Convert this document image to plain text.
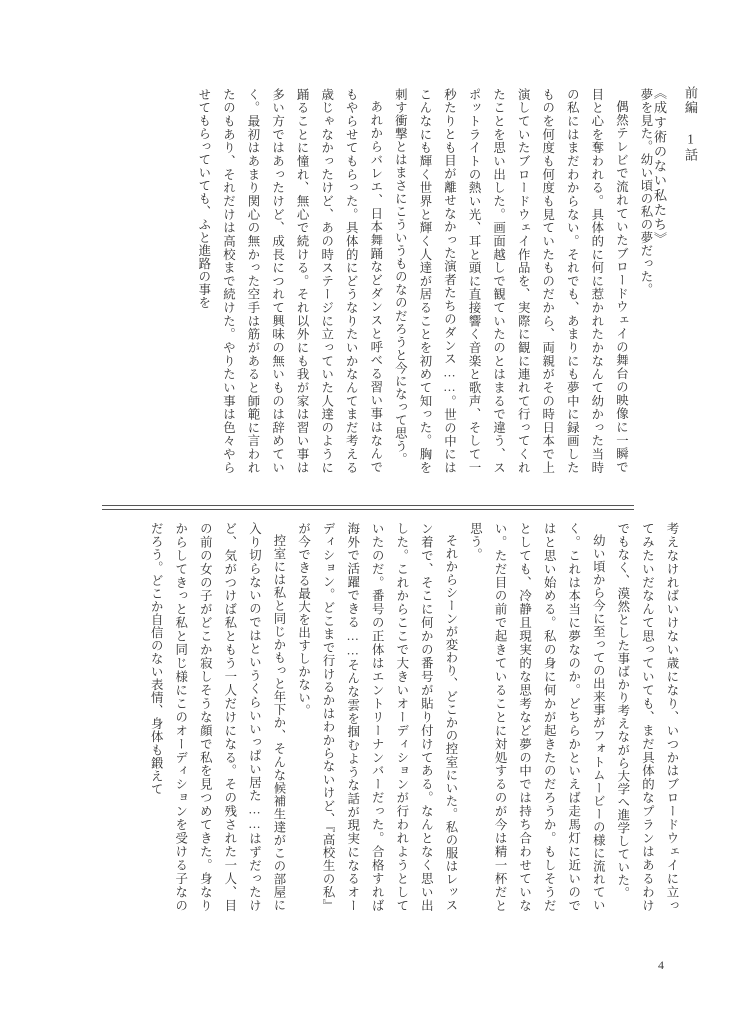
前編 1話

《成す術のない私たち》

夢を見た。幼い頃の私の夢だった。

偶然テレビで流れていたブロードウェイの舞台の映像に一瞬で目と心を奪われる。具体的に何に惹かれたかなんて幼かった当時の私にはまだわからない。それでも、あまりにも夢中に録画したものを何度も何度も見ていたものだから、両親がその時日本で上演していたブロードウェイ作品を、実際に観に連れて行ってくれたことを思い出した。画面越しで観ていたのとはまるで違う、スポットライトの熱い光、耳と頭に直接響く音楽と歌声、そして一秒たりとも目が離せなかった演者たちのダンス……。世の中にはこんなにも輝く世界と輝く人達が居ることを初めて知った。胸を刺す衝撃とはまさにこういうものなのだろうと今になって思う。

あれからバレエ、日本舞踊などダンスと呼べる習い事はなんでもやらせてもらった。具体的にどうなりたいかなんてまだ考える歳じゃなかったけど、あの時ステージに立っていた人達のように踊ることに憧れ、無心で続ける。それ以外にも我が家は習い事は多い方ではあったけど、成長につれて興味の無いものは辞めていく。最初はあまり関心の無かった空手は筋があると師範に言われたのもあり、それだけは高校まで続けた。やりたい事は色々やらせてもらっていても、ふと進路の事を

考えなければいけない歳になり、いつかはブロードウェイに立ってみたいだなんて思っていても、まだ具体的なプランはあるわけでもなく、漠然とした事ばかり考えながら大学へ進学していた。

幼い頃から今に至っての出来事がフォトムービーの様に流れていく。これは本当に夢なのか。どちらかといえば走馬灯に近いのではと思い始める。私の身に何かが起きたのだろうか。もしそうだとしても、冷静且現実的な思考など夢の中では持ち合わせていない。ただ目の前で起きていることに対処するのが今は精一杯だと思う。

それからシーンが変わり、どこかの控室にいた。私の服はレッスン着で、そこに何かの番号が貼り付けてある。なんとなく思い出した。これからここで大きいオーディションが行われようとしていたのだ。番号の正体はエントリーナンバーだった。合格すれば海外で活躍できる……そんな雲を掴むような話が現実になるオーディション。どこまで行けるかはわからないけど、『高校生の私』が今できる最大を出すしかない。

控室には私と同じかもっと年下か、そんな候補生達がこの部屋に入り切らないのではというくらいいっぱい居た……はずだったけど、気がつけば私ともう一人だけになる。その残された一人、目の前の女の子がどこか寂しそうな顔で私を見つめてきた。身なりからしてきっと私と同じ様にこのオーディションを受ける子なのだろう。どこか自信のない表情、身体も鍛えて

4
